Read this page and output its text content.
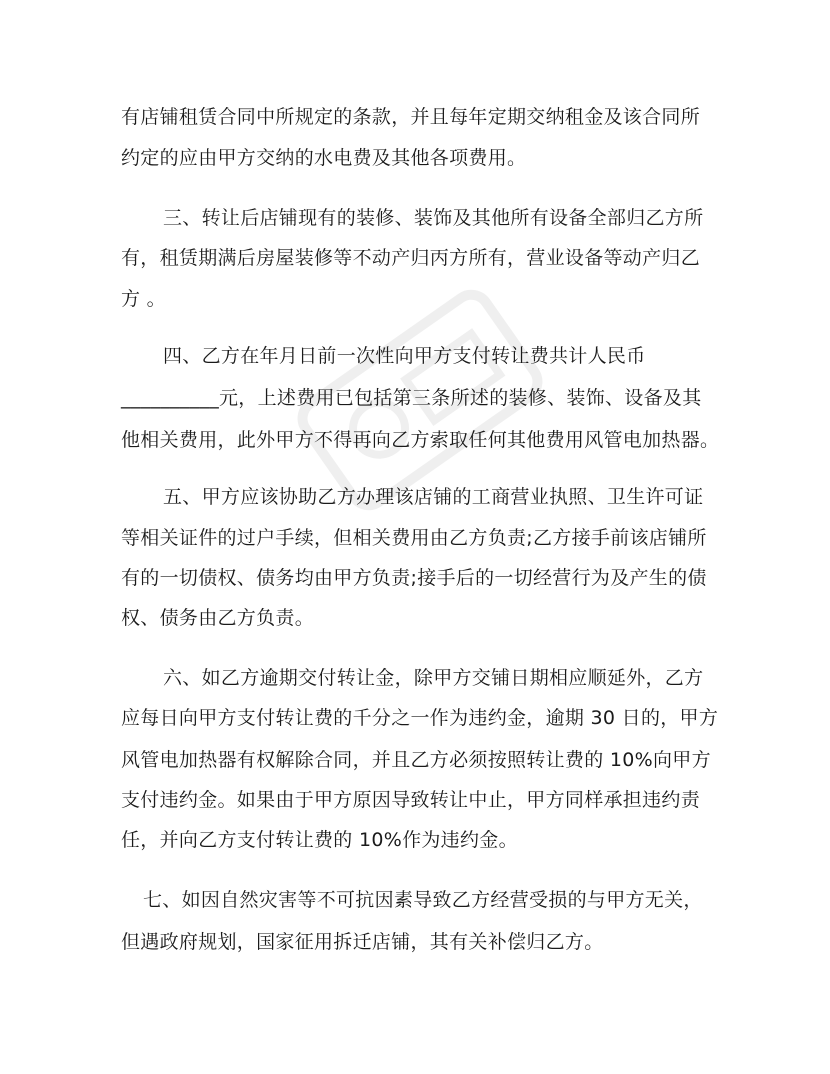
有店铺租赁合同中所规定的条款，并且每年定期交纳租金及该合同所
约定的应由甲方交纳的水电费及其他各项费用。
三、转让后店铺现有的装修、装饰及其他所有设备全部归乙方所
有，租赁期满后房屋装修等不动产归丙方所有，营业设备等动产归乙
方 。
四、乙方在年月日前一次性向甲方支付转让费共计人民币
__________元，上述费用已包括第三条所述的装修、装饰、设备及其
他相关费用，此外甲方不得再向乙方索取任何其他费用风管电加热器。
五、甲方应该协助乙方办理该店铺的工商营业执照、卫生许可证
等相关证件的过户手续，但相关费用由乙方负责;乙方接手前该店铺所
有的一切债权、债务均由甲方负责;接手后的一切经营行为及产生的债
权、债务由乙方负责。
六、如乙方逾期交付转让金，除甲方交铺日期相应顺延外，乙方
应每日向甲方支付转让费的千分之一作为违约金，逾期 30 日的，甲方
风管电加热器有权解除合同，并且乙方必须按照转让费的 10%向甲方
支付违约金。如果由于甲方原因导致转让中止，甲方同样承担违约责
任，并向乙方支付转让费的 10%作为违约金。
七、如因自然灾害等不可抗因素导致乙方经营受损的与甲方无关，
但遇政府规划，国家征用拆迁店铺，其有关补偿归乙方。
